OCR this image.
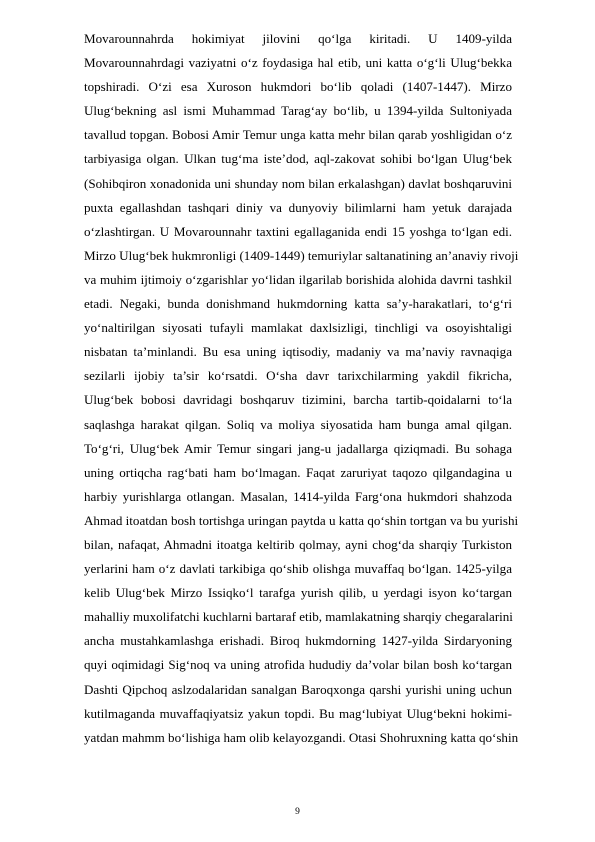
Movarounnahrda hokimiyat jilovini qo‘lga kiritadi. U 1409-yilda
Movarounnahrdagi vaziyatni o‘z foydasiga hal etib, uni katta o‘g‘li Ulug‘bekka
topshiradi. O‘zi esa Xuroson hukmdori bo‘lib qoladi (1407-1447). Mirzo
Ulug‘bekning asl ismi Muhammad Tarag‘ay bo‘lib, u 1394-yilda Sultoniyada
tavallud topgan. Bobosi Amir Temur unga katta mehr bilan qarab yoshligidan o‘z
tarbiyasiga olgan. Ulkan tug‘ma iste’dod, aql-zakovat sohibi bo‘lgan Ulug‘bek
(Sohibqiron xonadonida uni shunday nom bilan erkalashgan) davlat boshqaruvini
puxta egallashdan tashqari diniy va dunyoviy bilimlarni ham yetuk darajada
o‘zlashtirgan. U Movarounnahr taxtini egallaganida endi 15 yoshga to‘lgan edi.
Mirzo Ulug‘bek hukmronligi (1409-1449) temuriylar saltanatining an’anaviy rivoji
va muhim ijtimoiy o‘zgarishlar yo‘lidan ilgarilab borishida alohida davrni tashkil
etadi. Negaki, bunda donishmand hukmdorning katta sa’y-harakatlari, to‘g‘ri
yo‘naltirilgan siyosati tufayli mamlakat daxlsizligi, tinchligi va osoyishtaligi
nisbatan ta’minlandi. Bu esa uning iqtisodiy, madaniy va ma’naviy ravnaqiga
sezilarli ijobiy ta’sir ko‘rsatdi. O‘sha davr tarixchilarming yakdil fikricha,
Ulug‘bek bobosi davridagi boshqaruv tizimini, barcha tartib-qoidalarni to‘la
saqlashga harakat qilgan. Soliq va moliya siyosatida ham bunga amal qilgan.
To‘g‘ri, Ulug‘bek Amir Temur singari jang-u jadallarga qiziqmadi. Bu sohaga
uning ortiqcha rag‘bati ham bo‘lmagan. Faqat zaruriyat taqozo qilgandagina u
harbiy yurishlarga otlangan. Masalan, 1414-yilda Farg‘ona hukmdori shahzoda
Ahmad itoatdan bosh tortishga uringan paytda u katta qo‘shin tortgan va bu yurishi
bilan, nafaqat, Ahmadni itoatga keltirib qolmay, ayni chog‘da sharqiy Turkiston
yerlarini ham o‘z davlati tarkibiga qo‘shib olishga muvaffaq bo‘lgan. 1425-yilga
kelib Ulug‘bek Mirzo Issiqko‘l tarafga yurish qilib, u yerdagi isyon ko‘targan
mahalliy muxolifatchi kuchlarni bartaraf etib, mamlakatning sharqiy chegaralarini
ancha mustahkamlashga erishadi. Biroq hukmdorning 1427-yilda Sirdaryoning
quyi oqimidagi Sig‘noq va uning atrofida hududiy da’volar bilan bosh ko‘targan
Dashti Qipchoq aslzodalaridan sanalgan Baroqxonga qarshi yurishi uning uchun
kutilmaganda muvaffaqiyatsiz yakun topdi. Bu mag‘lubiyat Ulug‘bekni hokimi-
yatdan mahmm bo‘lishiga ham olib kelayozgandi. Otasi Shohruxning katta qo‘shin
9
